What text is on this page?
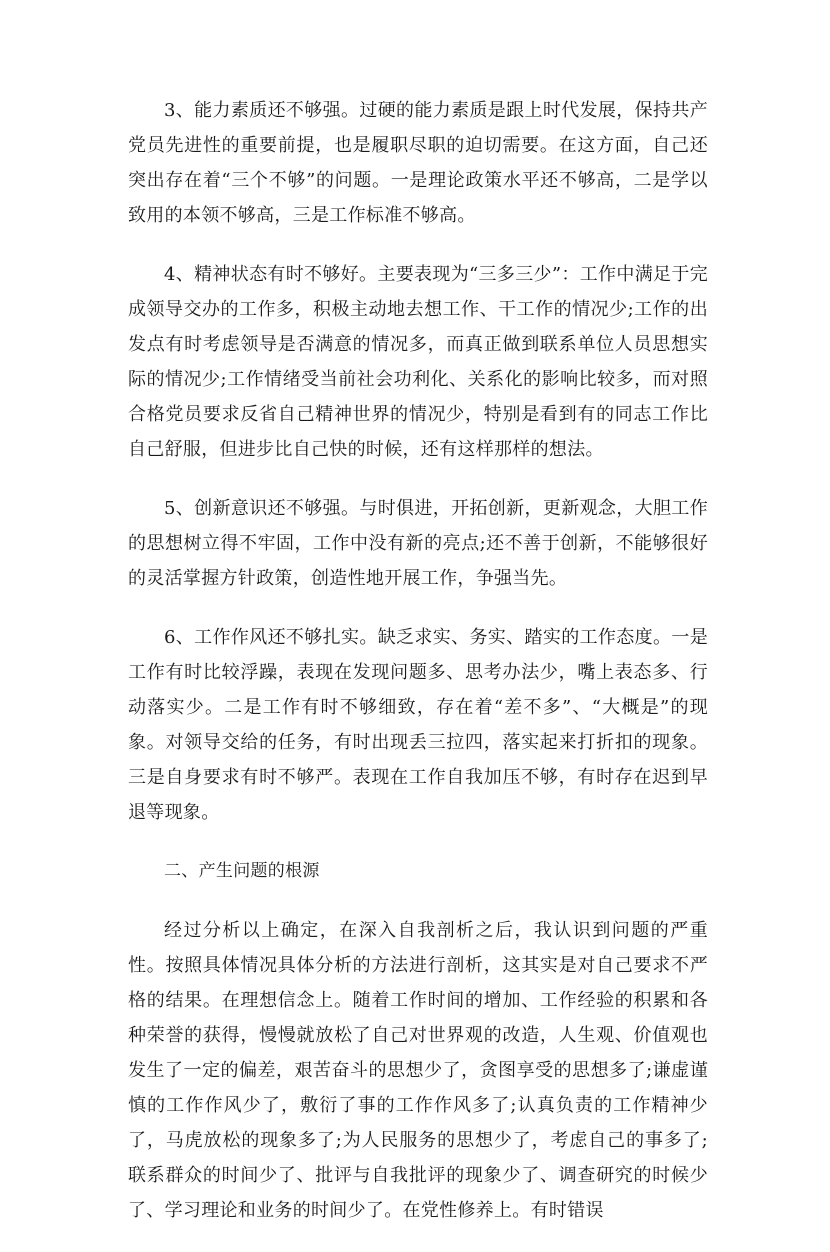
3、能力素质还不够强。过硬的能力素质是跟上时代发展，保持共产党员先进性的重要前提，也是履职尽职的迫切需要。在这方面，自己还突出存在着“三个不够”的问题。一是理论政策水平还不够高，二是学以致用的本领不够高，三是工作标准不够高。

4、精神状态有时不够好。主要表现为“三多三少”：工作中满足于完成领导交办的工作多，积极主动地去想工作、干工作的情况少;工作的出发点有时考虑领导是否满意的情况多，而真正做到联系单位人员思想实际的情况少;工作情绪受当前社会功利化、关系化的影响比较多，而对照合格党员要求反省自己精神世界的情况少，特别是看到有的同志工作比自己舒服，但进步比自己快的时候，还有这样那样的想法。

5、创新意识还不够强。与时俱进，开拓创新，更新观念，大胆工作的思想树立得不牢固，工作中没有新的亮点;还不善于创新，不能够很好的灵活掌握方针政策，创造性地开展工作，争强当先。

6、工作作风还不够扎实。缺乏求实、务实、踏实的工作态度。一是工作有时比较浮躁，表现在发现问题多、思考办法少，嘴上表态多、行动落实少。二是工作有时不够细致，存在着“差不多”、“大概是”的现象。对领导交给的任务，有时出现丢三拉四，落实起来打折扣的现象。三是自身要求有时不够严。表现在工作自我加压不够，有时存在迟到早退等现象。

二、产生问题的根源

经过分析以上确定，在深入自我剖析之后，我认识到问题的严重性。按照具体情况具体分析的方法进行剖析，这其实是对自己要求不严格的结果。在理想信念上。随着工作时间的增加、工作经验的积累和各种荣誉的获得，慢慢就放松了自己对世界观的改造，人生观、价值观也发生了一定的偏差，艰苦奋斗的思想少了，贪图享受的思想多了;谦虚谨慎的工作作风少了，敷衍了事的工作作风多了;认真负责的工作精神少了，马虎放松的现象多了;为人民服务的思想少了，考虑自己的事多了;联系群众的时间少了、批评与自我批评的现象少了、调查研究的时候少了、学习理论和业务的时间少了。在党性修养上。有时错误
